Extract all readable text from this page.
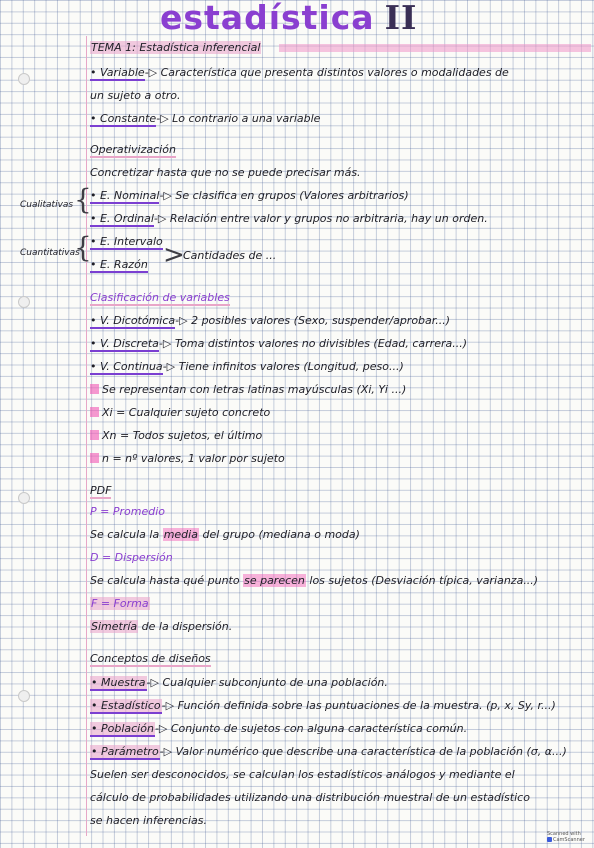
estadística II
TEMA 1: Estadística inferencial
• Variable-▷ Característica que presenta distintos valores o modalidades de
un sujeto a otro.
• Constante-▷ Lo contrario a una variable
Operativización
Concretizar hasta que no se puede precisar más.
Cualitativas {
Cuantitativas
{
• E. Nominal-▷ Se clasifica en grupos (Valores arbitrarios)
• E. Ordinal-▷ Relación entre valor y grupos no arbitraria, hay un orden.
• E. Intervalo >
Cantidades de ...
• E. Razón
Clasificación de variables
• V. Dicotómica-▷ 2 posibles valores (Sexo, suspender/aprobar...)
• V. Discreta-▷ Toma distintos valores no divisibles (Edad, carrera...)
• V. Continua-▷ Tiene infinitos valores (Longitud, peso...)
Se representan con letras latinas mayúsculas (Xi, Yi ...)
Xi = Cualquier sujeto concreto
Xn = Todos sujetos, el último
n = nº valores, 1 valor por sujeto
PDF
P = Promedio
Se calcula la media del grupo (mediana o moda)
D = Dispersión
Se calcula hasta qué punto se parecen los sujetos (Desviación típica, varianza...)
F = Forma
Simetría de la dispersión.
Conceptos de diseños
• Muestra-▷ Cualquier subconjunto de una población.
• Estadístico-▷ Función definida sobre las puntuaciones de la muestra. (p, x, Sy, r...)
• Población-▷ Conjunto de sujetos con alguna característica común.
• Parámetro-▷ Valor numérico que describe una característica de la población (σ, α...)
Suelen ser desconocidos, se calculan los estadísticos análogos y mediante el
cálculo de probabilidades utilizando una distribución muestral de un estadístico
se hacen inferencias.
Scanned with
CamScanner
